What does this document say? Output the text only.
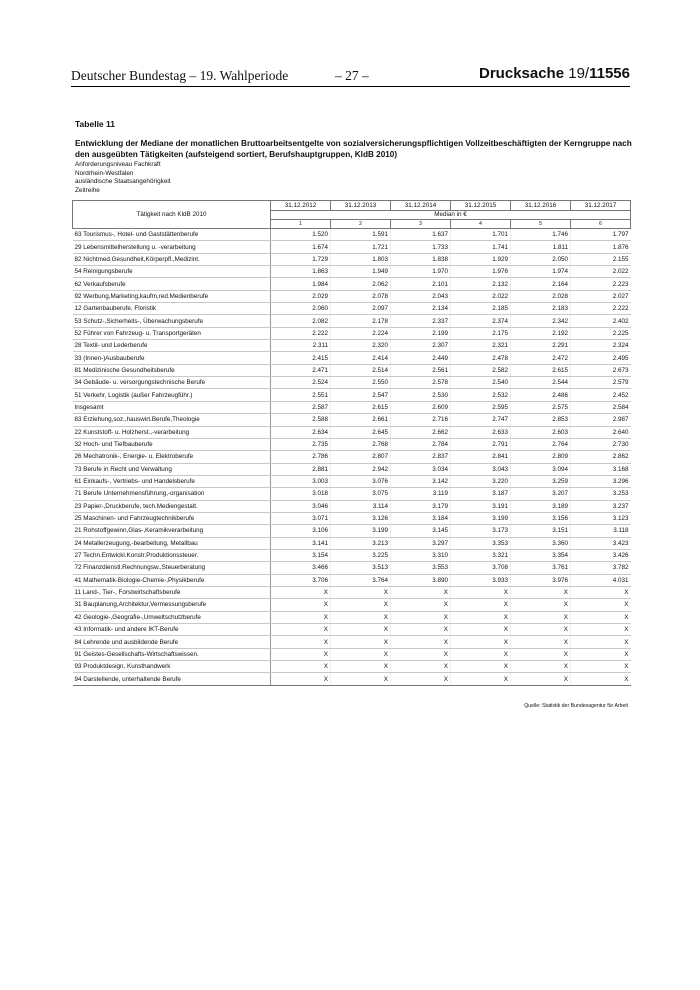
Deutscher Bundestag – 19. Wahlperiode	– 27 –	Drucksache 19/11556
Tabelle 11
Entwicklung der Mediane der monatlichen Bruttoarbeitsentgelte von sozialversicherungspflichtigen Vollzeitbeschäftigten der Kerngruppe nach den ausgeübten Tätigkeiten (aufsteigend sortiert, Berufshauptgruppen, KldB 2010)
Anforderungsniveau Fachkraft
Nordrhein-Westfalen
ausländische Staatsangehörigkeit
Zeitreihe
Tätigkeit nach KldB 2010	31.12.2012	31.12.2013	31.12.2014	31.12.2015	31.12.2016	31.12.2017
	Median in €					
	1	2	3	4	5	6
63 Tourismus-, Hotel- und Gaststättenberufe	1.520	1.591	1.637	1.701	1.746	1.797
29 Lebensmittelherstellung u. -verarbeitung	1.674	1.721	1.733	1.741	1.811	1.876
82 Nichtmed.Gesundheit,Körperpfl.,Medizint.	1.729	1.803	1.838	1.929	2.050	2.155
54 Reinigungsberufe	1.863	1.949	1.970	1.976	1.974	2.022
62 Verkaufsberufe	1.984	2.062	2.101	2.132	2.164	2.223
92 Werbung,Marketing,kaufm,red.Medienberufe	2.029	2.078	2.043	2.022	2.028	2.027
12 Gartenbauberufe, Floristik	2.060	2.097	2.134	2.185	2.183	2.222
53 Schutz-,Sicherheits-, Überwachungsberufe	2.082	2.178	2.337	2.374	2.342	2.402
52 Führer von Fahrzeug- u. Transportgeräten	2.222	2.224	2.199	2.175	2.192	2.225
28 Textil- und Lederberufe	2.311	2.320	2.307	2.321	2.291	2.324
33 (Innen-)Ausbauberufe	2.415	2.414	2.449	2.478	2.472	2.495
81 Medizinische Gesundheitsberufe	2.471	2.514	2.561	2.582	2.615	2.673
34 Gebäude- u. versorgungstechnische Berufe	2.524	2.550	2.578	2.540	2.544	2.579
51 Verkehr, Logistik (außer Fahrzeugführ.)	2.551	2.547	2.530	2.532	2.486	2.452
Insgesamt	2.587	2.615	2.609	2.595	2.575	2.584
83 Erziehung,soz.,hauswirt.Berufe,Theologie	2.588	2.661	2.716	2.747	2.853	2.987
22 Kunststoff- u. Holzherst.,-verarbeitung	2.634	2.645	2.662	2.633	2.603	2.640
32 Hoch- und Tiefbauberufe	2.735	2.768	2.784	2.791	2.764	2.730
26 Mechatronik-, Energie- u. Elektroberufe	2.786	2.807	2.837	2.841	2.809	2.862
73 Berufe in Recht und Verwaltung	2.881	2.942	3.034	3.043	3.094	3.168
61 Einkaufs-, Vertriebs- und Handelsberufe	3.003	3.076	3.142	3.220	3.259	3.296
71 Berufe Unternehmensführung,-organisation	3.018	3.075	3.119	3.187	3.207	3.253
23 Papier-,Druckberufe, tech.Mediengestalt.	3.046	3.114	3.179	3.191	3.189	3.237
25 Maschinen- und Fahrzeugtechnikberufe	3.071	3.126	3.184	3.199	3.156	3.123
21 Rohstoffgewinn,Glas-,Keramikverarbeitung	3.106	3.199	3.145	3.173	3.151	3.118
24 Metallerzeugung,-bearbeitung, Metallbau	3.141	3.213	3.297	3.353	3.360	3.423
27 Techn.Entwickl.Konstr.Produktionssteuer.	3.154	3.225	3.310	3.321	3.354	3.426
72 Finanzdienstl.Rechnungsw.,Steuerberatung	3.466	3.513	3.553	3.708	3.761	3.782
41 Mathematik-Biologie-Chemie-,Physikberufe	3.706	3.764	3.890	3.933	3.976	4.031
11 Land-, Tier-, Forstwirtschaftsberufe	X	X	X	X	X	X
31 Bauplanung,Architektur,Vermessungsberufe	X	X	X	X	X	X
42 Geologie-,Geografie-,Umweltschutzberufe	X	X	X	X	X	X
43 Informatik- und andere IKT-Berufe	X	X	X	X	X	X
84 Lehrende und ausbildende Berufe	X	X	X	X	X	X
91 Geistes-Gesellschafts-Wirtschaftswissen.	X	X	X	X	X	X
93 Produktdesign, Kunsthandwerk	X	X	X	X	X	X
94 Darstellende, unterhaltende Berufe	X	X	X	X	X	X
Quelle: Statistik der Bundesagentur für Arbeit
